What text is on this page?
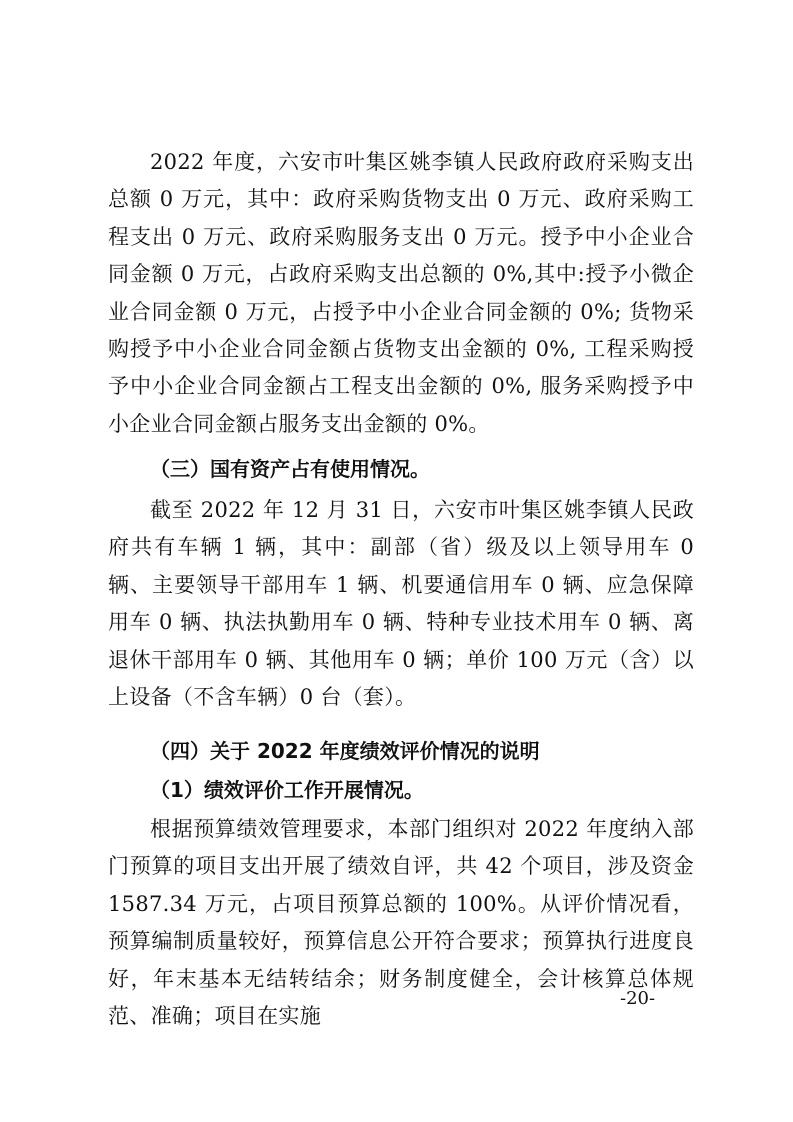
2022 年度，六安市叶集区姚李镇人民政府政府采购支出总额 0 万元，其中：政府采购货物支出 0 万元、政府采购工程支出 0 万元、政府采购服务支出 0 万元。授予中小企业合同金额 0 万元，占政府采购支出总额的 0%,其中:授予小微企业合同金额 0 万元，占授予中小企业合同金额的 0%; 货物采购授予中小企业合同金额占货物支出金额的 0%, 工程采购授予中小企业合同金额占工程支出金额的 0%, 服务采购授予中小企业合同金额占服务支出金额的 0%。

（三）国有资产占有使用情况。

截至 2022 年 12 月 31 日，六安市叶集区姚李镇人民政府共有车辆 1 辆，其中：副部（省）级及以上领导用车 0 辆、主要领导干部用车 1 辆、机要通信用车 0 辆、应急保障用车 0 辆、执法执勤用车 0 辆、特种专业技术用车 0 辆、离退休干部用车 0 辆、其他用车 0 辆；单价 100 万元（含）以上设备（不含车辆）0 台（套）。

（四）关于 2022 年度绩效评价情况的说明

（1）绩效评价工作开展情况。

根据预算绩效管理要求，本部门组织对 2022 年度纳入部门预算的项目支出开展了绩效自评，共 42 个项目，涉及资金 1587.34 万元，占项目预算总额的 100%。从评价情况看，预算编制质量较好，预算信息公开符合要求；预算执行进度良好，年末基本无结转结余；财务制度健全，会计核算总体规范、准确；项目在实施

-20-
